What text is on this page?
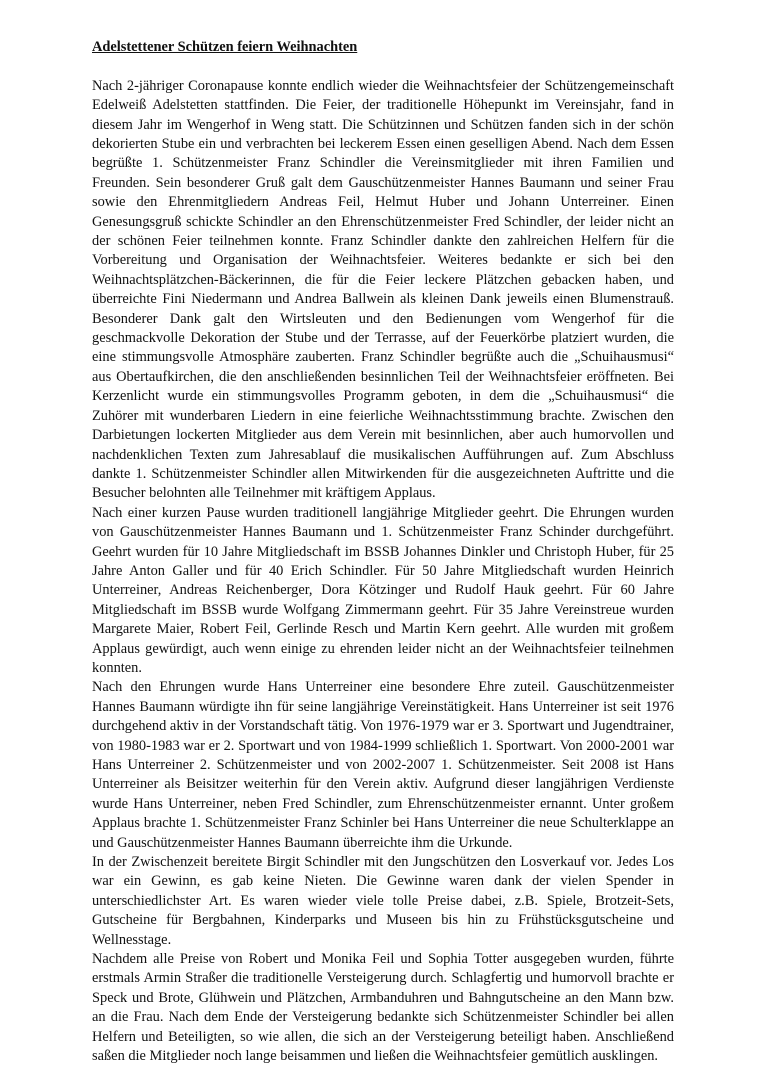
Adelstettener Schützen feiern Weihnachten

Nach 2-jähriger Coronapause konnte endlich wieder die Weihnachtsfeier der Schützengemeinschaft Edelweiß Adelstetten stattfinden. Die Feier, der traditionelle Höhepunkt im Vereinsjahr, fand in diesem Jahr im Wengerhof in Weng statt. Die Schützinnen und Schützen fanden sich in der schön dekorierten Stube ein und verbrachten bei leckerem Essen einen geselligen Abend. Nach dem Essen begrüßte 1. Schützenmeister Franz Schindler die Vereinsmitglieder mit ihren Familien und Freunden. Sein besonderer Gruß galt dem Gauschützenmeister Hannes Baumann und seiner Frau sowie den Ehrenmitgliedern Andreas Feil, Helmut Huber und Johann Unterreiner. Einen Genesungsgruß schickte Schindler an den Ehrenschützenmeister Fred Schindler, der leider nicht an der schönen Feier teilnehmen konnte. Franz Schindler dankte den zahlreichen Helfern für die Vorbereitung und Organisation der Weihnachtsfeier. Weiteres bedankte er sich bei den Weihnachtsplätzchen-Bäckerinnen, die für die Feier leckere Plätzchen gebacken haben, und überreichte Fini Niedermann und Andrea Ballwein als kleinen Dank jeweils einen Blumenstrauß. Besonderer Dank galt den Wirtsleuten und den Bedienungen vom Wengerhof für die geschmackvolle Dekoration der Stube und der Terrasse, auf der Feuerkörbe platziert wurden, die eine stimmungsvolle Atmosphäre zauberten. Franz Schindler begrüßte auch die „Schuihausmusi“ aus Obertaufkirchen, die den anschließenden besinnlichen Teil der Weihnachtsfeier eröffneten. Bei Kerzenlicht wurde ein stimmungsvolles Programm geboten, in dem die „Schuihausmusi“ die Zuhörer mit wunderbaren Liedern in eine feierliche Weihnachtsstimmung brachte. Zwischen den Darbietungen lockerten Mitglieder aus dem Verein mit besinnlichen, aber auch humorvollen und nachdenklichen Texten zum Jahresablauf die musikalischen Aufführungen auf. Zum Abschluss dankte 1. Schützenmeister Schindler allen Mitwirkenden für die ausgezeichneten Auftritte und die Besucher belohnten alle Teilnehmer mit kräftigem Applaus.

Nach einer kurzen Pause wurden traditionell langjährige Mitglieder geehrt. Die Ehrungen wurden von Gauschützenmeister Hannes Baumann und 1. Schützenmeister Franz Schinder durchgeführt. Geehrt wurden für 10 Jahre Mitgliedschaft im BSSB Johannes Dinkler und Christoph Huber, für 25 Jahre Anton Galler und für 40 Erich Schindler. Für 50 Jahre Mitgliedschaft wurden Heinrich Unterreiner, Andreas Reichenberger, Dora Kötzinger und Rudolf Hauk geehrt. Für 60 Jahre Mitgliedschaft im BSSB wurde Wolfgang Zimmermann geehrt. Für 35 Jahre Vereinstreue wurden Margarete Maier, Robert Feil, Gerlinde Resch und Martin Kern geehrt. Alle wurden mit großem Applaus gewürdigt, auch wenn einige zu ehrenden leider nicht an der Weihnachtsfeier teilnehmen konnten.

Nach den Ehrungen wurde Hans Unterreiner eine besondere Ehre zuteil. Gauschützenmeister Hannes Baumann würdigte ihn für seine langjährige Vereinstätigkeit. Hans Unterreiner ist seit 1976 durchgehend aktiv in der Vorstandschaft tätig. Von 1976-1979 war er 3. Sportwart und Jugendtrainer, von 1980-1983 war er 2. Sportwart und von 1984-1999 schließlich 1. Sportwart. Von 2000-2001 war Hans Unterreiner 2. Schützenmeister und von 2002-2007 1. Schützenmeister. Seit 2008 ist Hans Unterreiner als Beisitzer weiterhin für den Verein aktiv. Aufgrund dieser langjährigen Verdienste wurde Hans Unterreiner, neben Fred Schindler, zum Ehrenschützenmeister ernannt. Unter großem Applaus brachte 1. Schützenmeister Franz Schinler bei Hans Unterreiner die neue Schulterklappe an und Gauschützenmeister Hannes Baumann überreichte ihm die Urkunde.

In der Zwischenzeit bereitete Birgit Schindler mit den Jungschützen den Losverkauf vor. Jedes Los war ein Gewinn, es gab keine Nieten. Die Gewinne waren dank der vielen Spender in unterschiedlichster Art. Es waren wieder viele tolle Preise dabei, z.B. Spiele, Brotzeit-Sets, Gutscheine für Bergbahnen, Kinderparks und Museen bis hin zu Frühstücksgutscheine und Wellnesstage.

Nachdem alle Preise von Robert und Monika Feil und Sophia Totter ausgegeben wurden, führte erstmals Armin Straßer die traditionelle Versteigerung durch. Schlagfertig und humorvoll brachte er Speck und Brote, Glühwein und Plätzchen, Armbanduhren und Bahngutscheine an den Mann bzw. an die Frau. Nach dem Ende der Versteigerung bedankte sich Schützenmeister Schindler bei allen Helfern und Beteiligten, so wie allen, die sich an der Versteigerung beteiligt haben. Anschließend saßen die Mitglieder noch lange beisammen und ließen die Weihnachtsfeier gemütlich ausklingen.
